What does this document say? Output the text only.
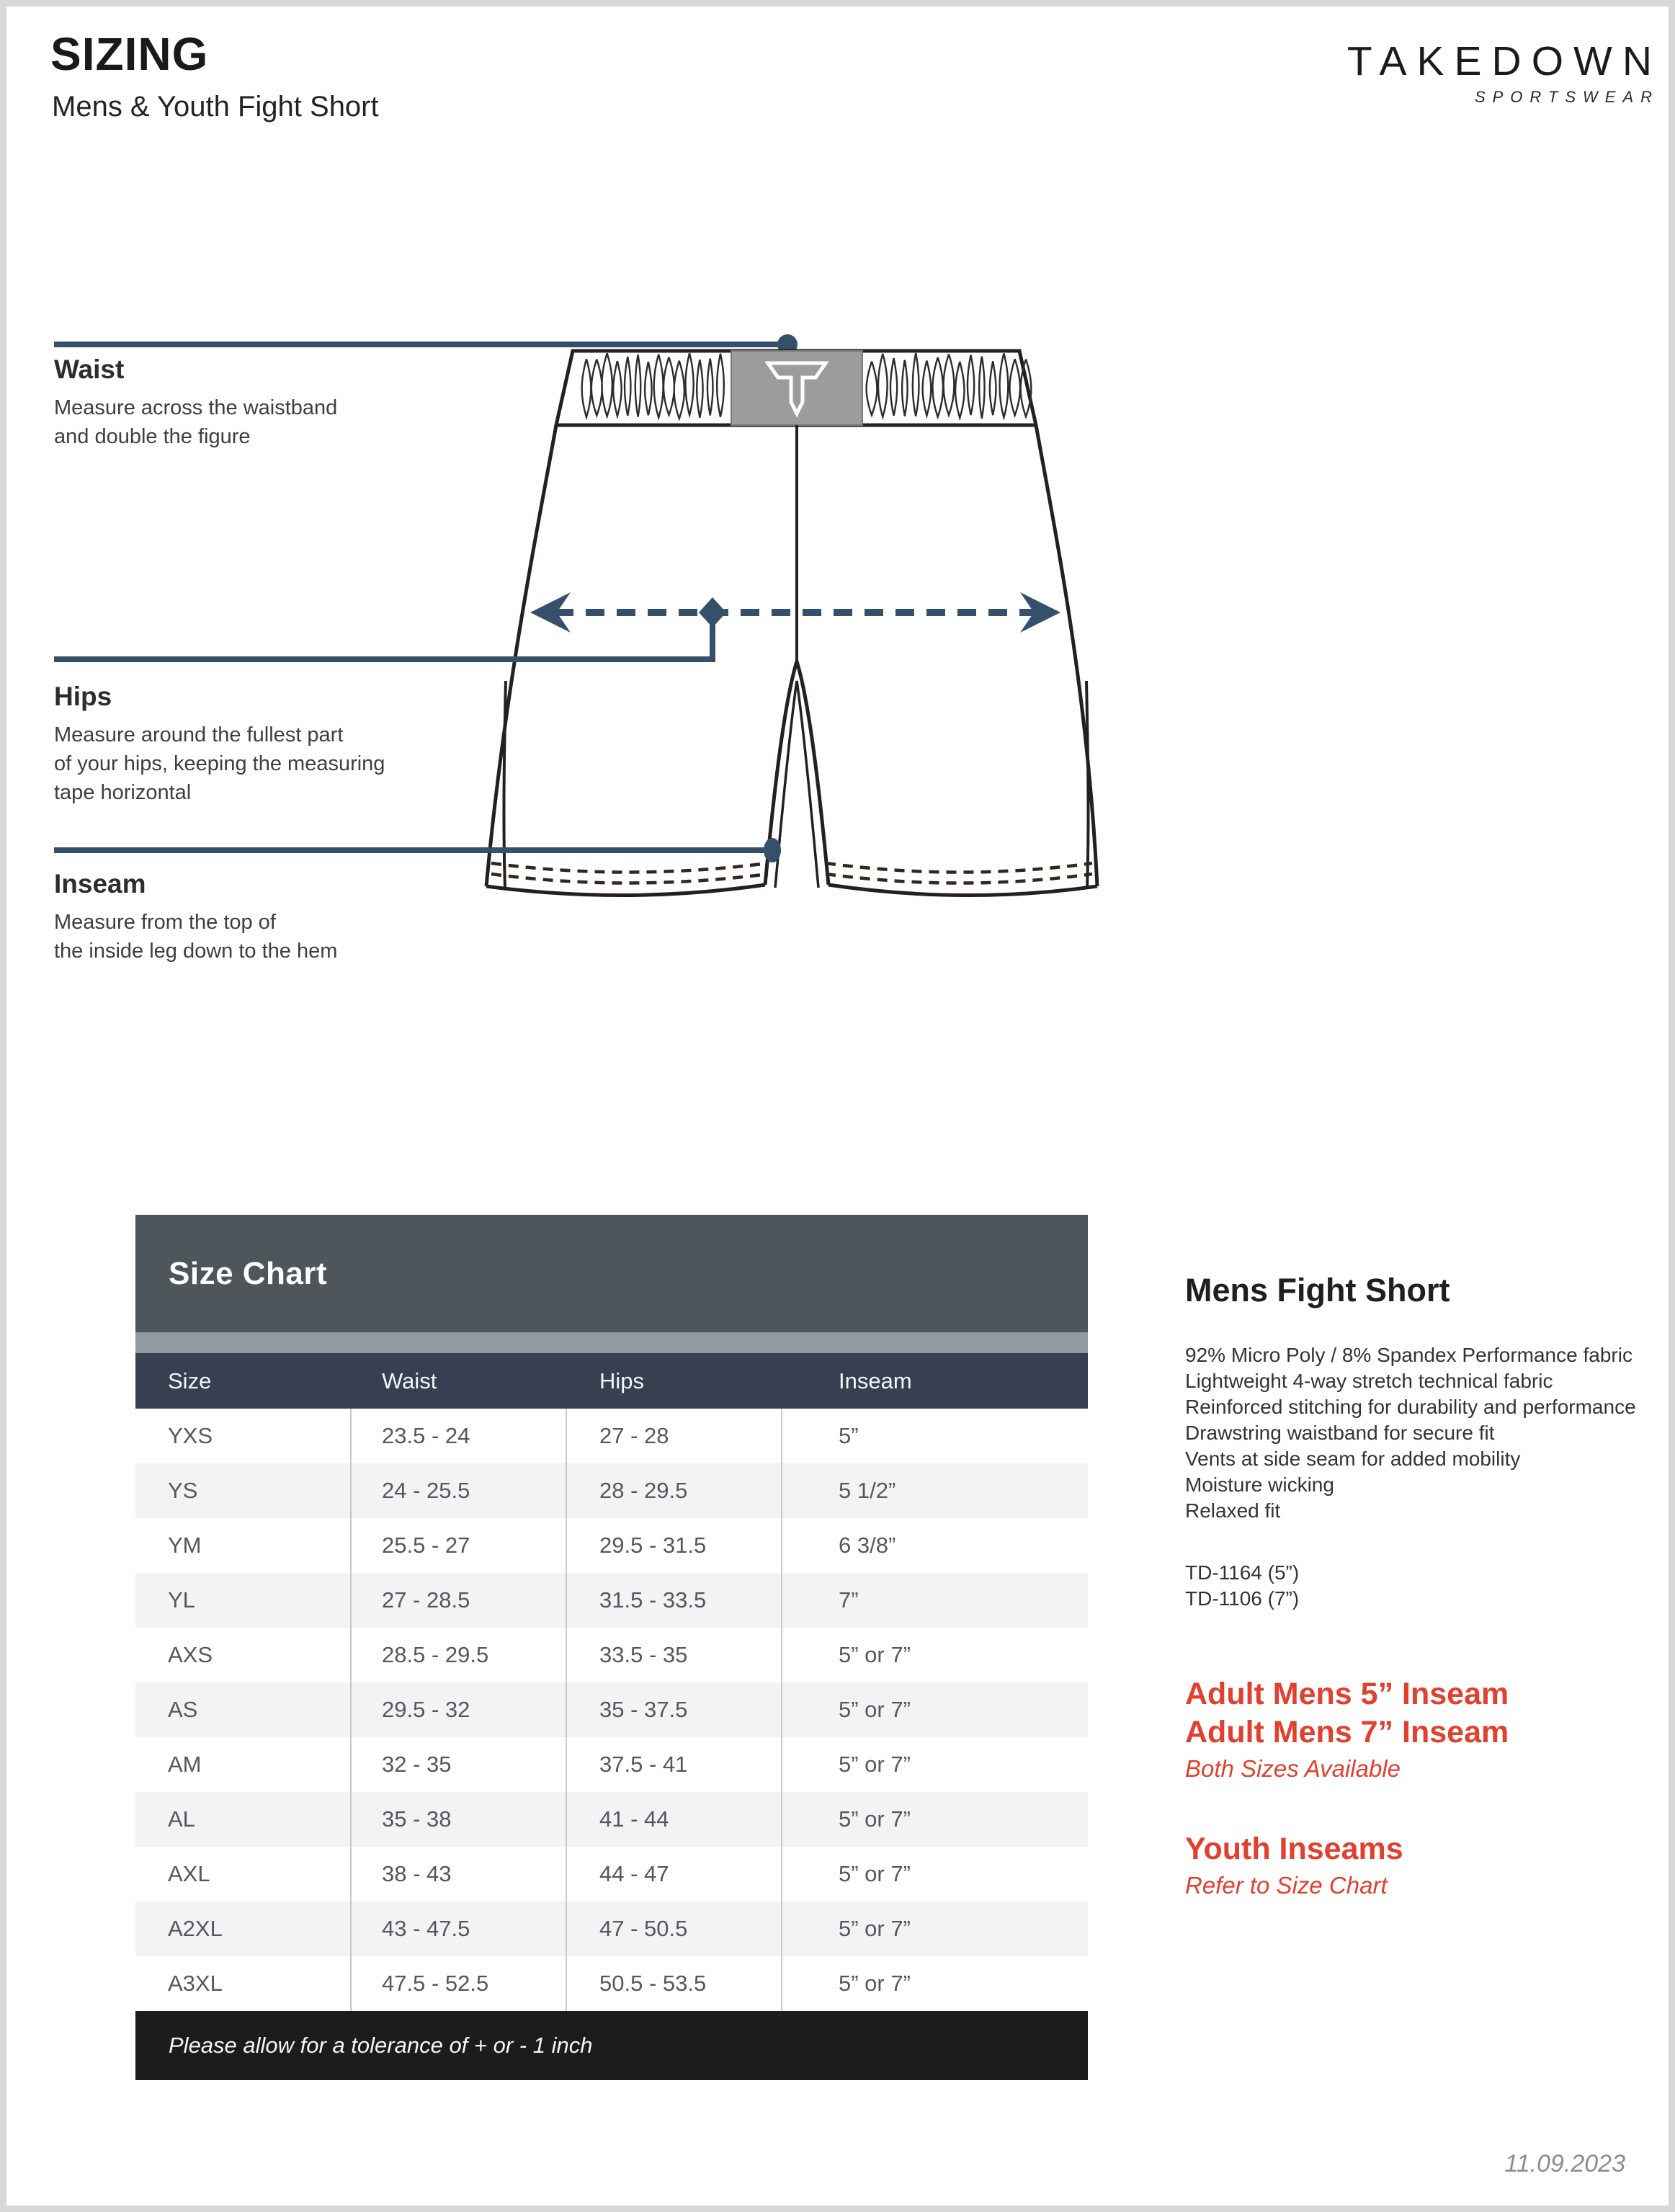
SIZING
Mens & Youth Fight Short
TAKEDOWN
SPORTSWEAR
Waist

Measure across the waistband

and double the figure

Hips

Measure around the fullest part

of your hips, keeping the measuring

tape horizontal

Inseam

Measure from the top of

the inside leg down to the hem

Size Chart
Size	Waist	Hips	Inseam
YXS	23.5 - 24	27 - 28	5”
YS	24 - 25.5	28 - 29.5	5 1/2”
YM	25.5 - 27	29.5 - 31.5	6 3/8”
YL	27 - 28.5	31.5 - 33.5	7”
AXS	28.5 - 29.5	33.5 - 35	5” or 7”
AS	29.5 - 32	35 - 37.5	5” or 7”
AM	32 - 35	37.5 - 41	5” or 7”
AL	35 - 38	41 - 44	5” or 7”
AXL	38 - 43	44 - 47	5” or 7”
A2XL	43 - 47.5	47 - 50.5	5” or 7”
A3XL	47.5 - 52.5	50.5 - 53.5	5” or 7”
Please allow for a tolerance of + or - 1 inch
Mens Fight Short
92% Micro Poly / 8% Spandex Performance fabric
Lightweight 4-way stretch technical fabric
Reinforced stitching for durability and performance
Drawstring waistband for secure fit
Vents at side seam for added mobility
Moisture wicking
Relaxed fit
TD-1164 (5”)
TD-1106 (7”)
Adult Mens 5” Inseam
Adult Mens 7” Inseam
Both Sizes Available
Youth Inseams
Refer to Size Chart
11.09.2023
